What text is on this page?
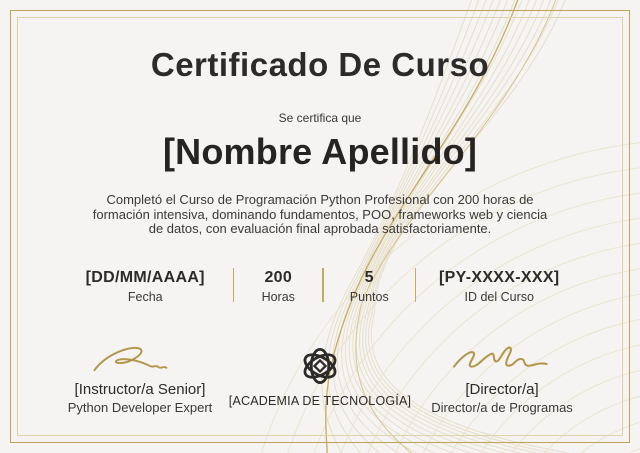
Certificado De Curso
Se certifica que
[Nombre Apellido]
Completó el Curso de Programación Python Profesional con 200 horas de formación intensiva, dominando fundamentos, POO, frameworks web y ciencia de datos, con evaluación final aprobada satisfactoriamente.
[DD/MM/AAAA]
Fecha
200
Horas
5
Puntos
[PY-XXXX-XXX]
ID del Curso
[Instructor/a Senior]
Python Developer Expert	[ACADEMIA DE TECNOLOGÍA]
[Director/a]
Director/a de Programas
